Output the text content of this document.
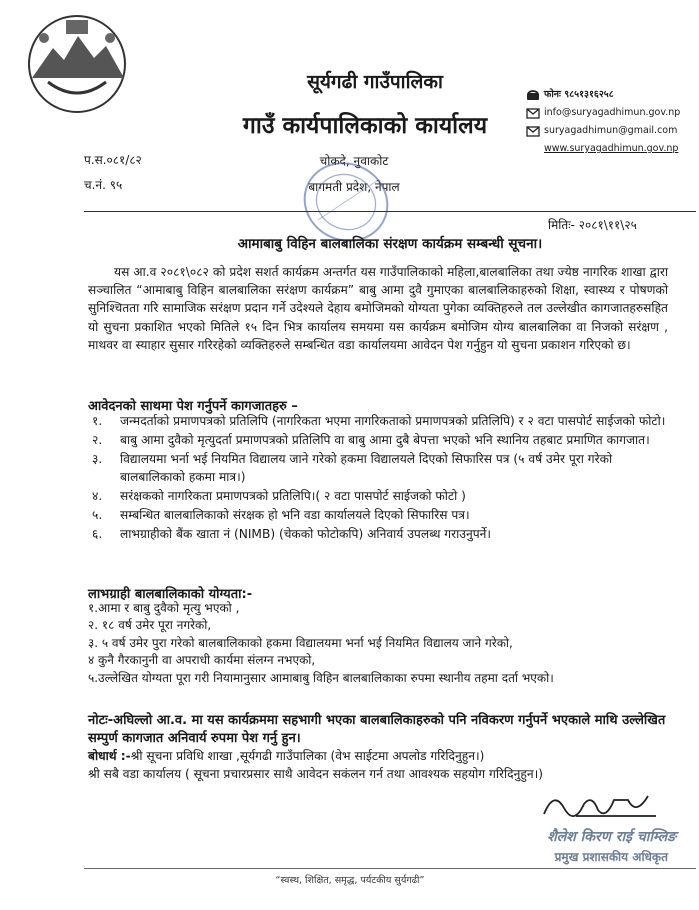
सूर्यगढी गाउँपालिका
गाउँ कार्यपालिकाको कार्यालय
फोनः ९८५१३१६२५८
info@suryagadhimun.gov.np
suryagadhimun@gmail.com
www.suryagadhimun.gov.np
प.स.०८१/८२
च.नं. ९५
चोकदे, नुवाकोट
बागमती प्रदेश, नेपाल
मितिः- २०८१\११\२५
आमाबाबु विहिन बालबालिका संरक्षण कार्यक्रम सम्बन्धी सूचना।
यस आ.व २०८१\०८२ को प्रदेश सशर्त कार्यक्रम अन्तर्गत यस गाउँपालिकाको महिला,बालबालिका तथा ज्येष्ठ नागरिक शाखा द्वारा सञ्चालित “आमाबाबु विहिन बालबालिका सरंक्षण कार्यक्रम” बाबु आमा दुवै गुमाएका बालबालिकाहरुको शिक्षा, स्वास्थ्य र पोषणको सुनिश्चितता गरि सामाजिक सरंक्षण प्रदान गर्ने उदेश्यले देहाय बमोजिमको योग्यता पुगेका व्यक्तिहरुले तल उल्लेखीत कागजातहरुसहित यो सुचना प्रकाशित भएको मितिले १५ दिन भित्र कार्यालय समयमा यस कार्यक्रम बमोजिम योग्य बालबालिका वा निजको सरंक्षण , माथवर वा स्याहार सुसार गरिरहेको व्यक्तिहरुले सम्बन्धित वडा कार्यालयमा आवेदन पेश गर्नुहुन यो सुचना प्रकाशन गरिएको छ।
आवेदनको साथमा पेश गर्नुपर्ने कागजातहरु –
१.	जन्मदर्ताको प्रमाणपत्रको प्रतिलिपि (नागरिकता भएमा नागरिकताको प्रमाणपत्रको प्रतिलिपि) र २ वटा पासपोर्ट साईजको फोटो।
२.	बाबु आमा दुवैको मृत्युदर्ता प्रमाणपत्रको प्रतिलिपि वा बाबु आमा दुबै बेपत्ता भएको भनि स्थानिय तहबाट प्रमाणित कागजात।
३.	विद्यालयमा भर्ना भई नियमित विद्यालय जाने गरेको हकमा विद्यालयले दिएको सिफारिस पत्र (५ वर्ष उमेर पूरा गरेको बालबालिकाको हकमा मात्र।)
४.	सरंक्षकको नागरिकता प्रमाणपत्रको प्रतिलिपि।( २ वटा पासपोर्ट साईजको फोटो )
५.	सम्बन्धित बालबालिकाको संरक्षक हो भनि वडा कार्यालयले दिएको सिफारिस पत्र।
६.	लाभग्राहीको बैंक खाता नं (NIMB) (चेकको फोटोकपि) अनिवार्य उपलब्ध गराउनुपर्ने।
लाभग्राही बालबालिकाको योग्यता:-
१.आमा र बाबु दुवैको मृत्यु भएको ,
२. १८ वर्ष उमेर पूरा नगरेको,
३. ५ वर्ष उमेर पुरा गरेको बालबालिकाको हकमा विद्यालयमा भर्ना भई नियमित विद्यालय जाने गरेको,
४ कुनै गैरकानुनी वा अपराधी कार्यमा संलग्न नभएको,
५.उल्लेखित योग्यता पूरा गरी नियामानुसार आमाबाबु विहिन बालबालिकाका रुपमा स्थानीय तहमा दर्ता भएको।
नोटः-अघिल्लो आ.व. मा यस कार्यक्रममा सहभागी भएका बालबालिकाहरुको पनि नविकरण गर्नुपर्ने भएकाले माथि उल्लेखित सम्पुर्ण कागजात अनिवार्य रुपमा पेश गर्नु हुन।
बोधार्थ :-श्री सूचना प्रविधि शाखा ,सूर्यगढी गाउँपालिका (वेभ साईटमा अपलोड गरिदिनुहुन।)
श्री सबै वडा कार्यालय ( सूचना प्रचारप्रसार साथै आवेदन सकंलन गर्न तथा आवश्यक सहयोग गरिदिनुहुन।)
शैलेश किरण राई चाम्लिङ
प्रमुख प्रशासकीय अधिकृत
“स्वस्थ, शिक्षित, समृद्ध, पर्यटकीय सुर्यगढी”
